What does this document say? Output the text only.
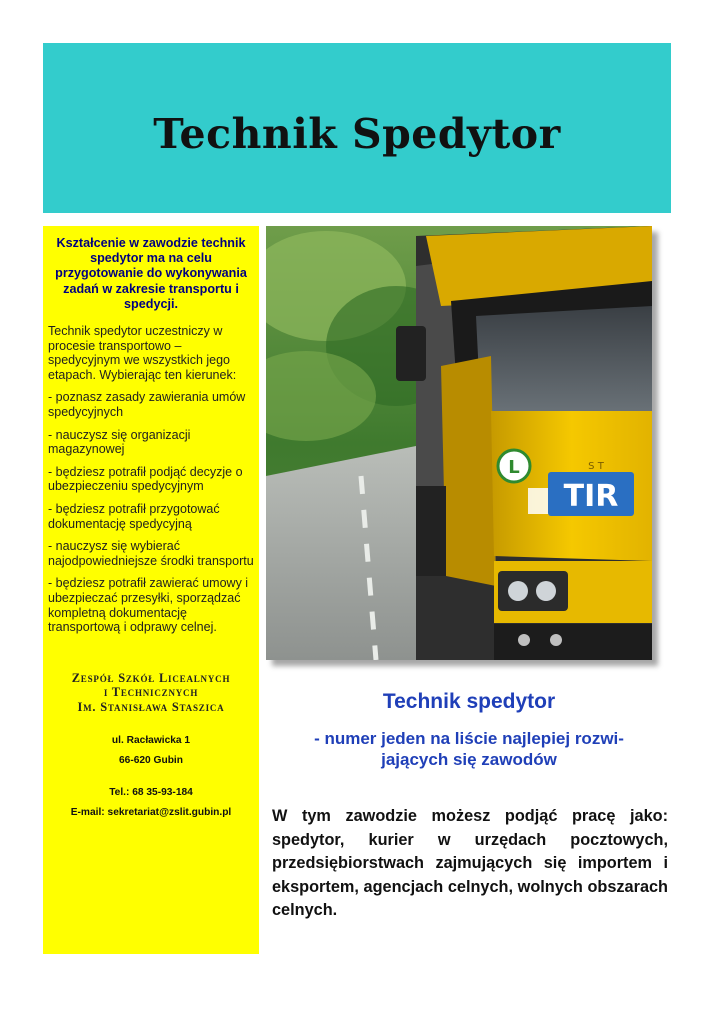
Technik Spedytor

Kształcenie w zawodzie technik spedytor ma na celu przygotowanie do wykonywania zadań w zakresie transportu i spedycji.

Technik spedytor uczestniczy w procesie transportowo – spedycyjnym we wszystkich jego etapach. Wybierając ten kierunek:

- poznasz zasady zawierania umów spedycyjnych

- nauczysz się organizacji magazynowej

- będziesz potrafił podjąć decyzje o ubezpieczeniu spedycyjnym

- będziesz potrafił przygotować dokumentację spedycyjną

- nauczysz się wybierać najodpowiedniejsze środki transportu

- będziesz potrafił zawierać umowy i ubezpieczać przesyłki, sporządzać kompletną dokumentację transportową i odprawy celnej.

Zespół Szkół Licealnych
i Technicznych
Im. Stanisława Staszica
ul. Racławicka 1
66-620 Gubin
Tel.: 68 35-93-184
E-mail: sekretariat@zslit.gubin.pl
TIR
L	S T

Technik spedytor

- numer jeden na liście najlepiej rozwi-
jających się zawodów

W tym zawodzie możesz podjąć pracę jako: spedytor, kurier w urzędach pocztowych, przedsiębiorstwach zajmujących się importem i eksportem, agencjach celnych, wolnych obszarach celnych.
